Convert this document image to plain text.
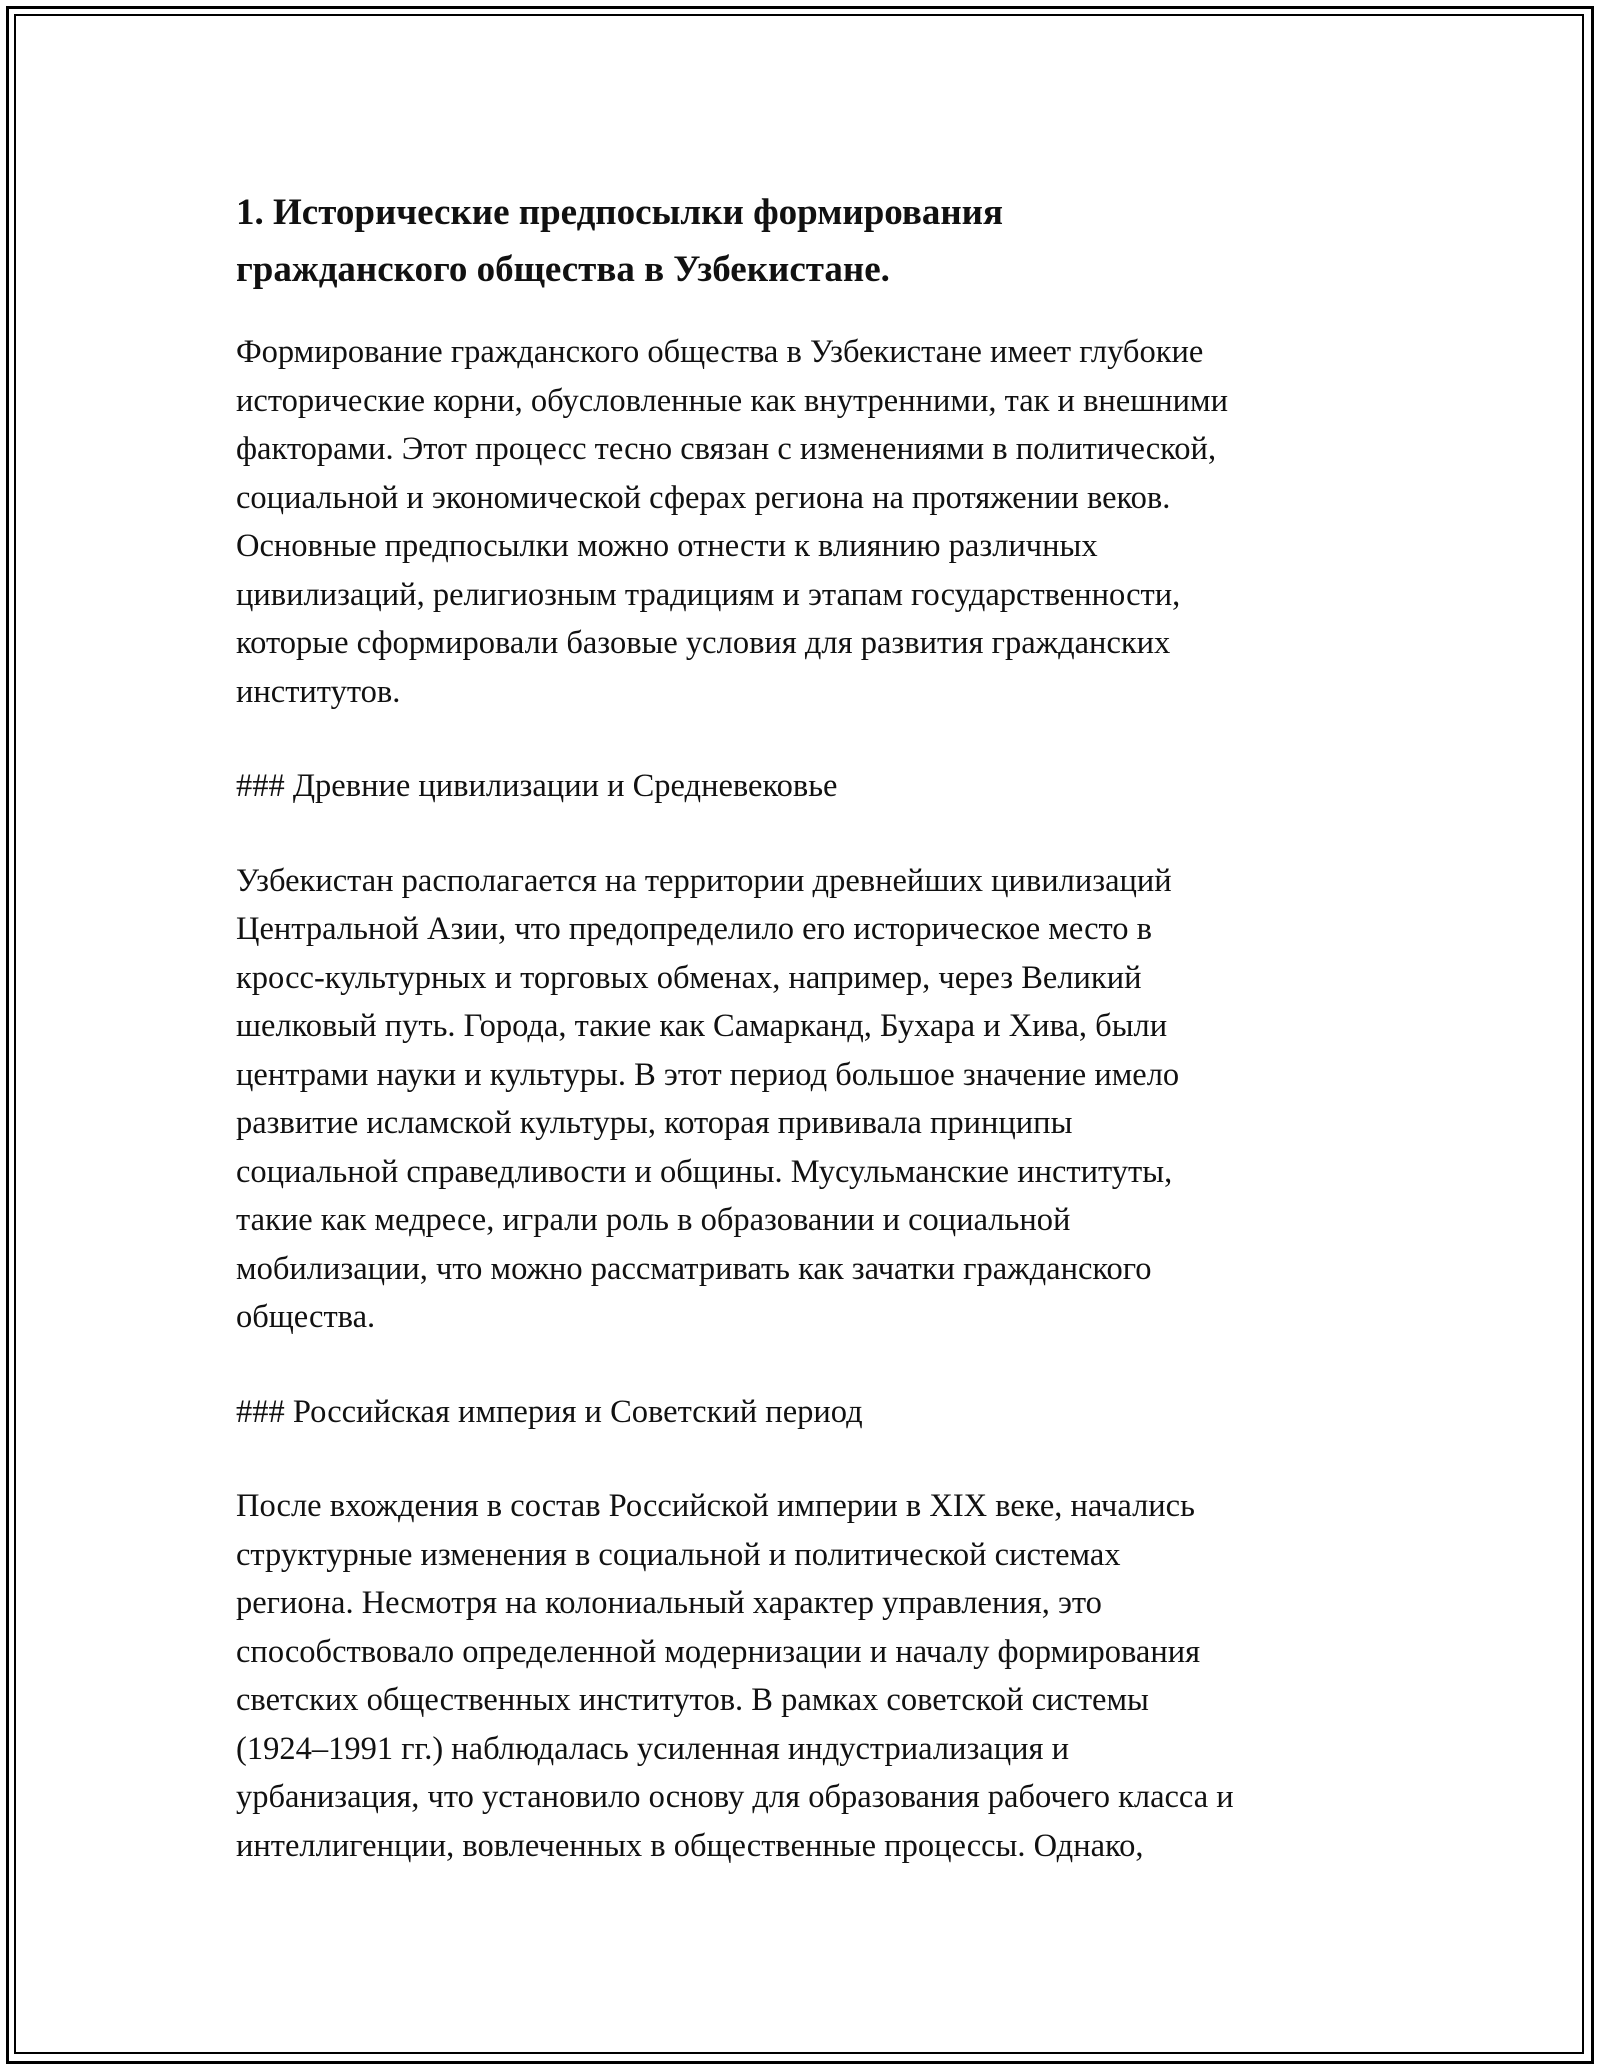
1. Исторические предпосылки формирования
гражданского общества в Узбекистане.

Формирование гражданского общества в Узбекистане имеет глубокие
исторические корни, обусловленные как внутренними, так и внешними
факторами. Этот процесс тесно связан с изменениями в политической,
социальной и экономической сферах региона на протяжении веков.
Основные предпосылки можно отнести к влиянию различных
цивилизаций, религиозным традициям и этапам государственности,
которые сформировали базовые условия для развития гражданских
институтов.

### Древние цивилизации и Средневековье

Узбекистан располагается на территории древнейших цивилизаций
Центральной Азии, что предопределило его историческое место в
кросс-культурных и торговых обменах, например, через Великий
шелковый путь. Города, такие как Самарканд, Бухара и Хива, были
центрами науки и культуры. В этот период большое значение имело
развитие исламской культуры, которая прививала принципы
социальной справедливости и общины. Мусульманские институты,
такие как медресе, играли роль в образовании и социальной
мобилизации, что можно рассматривать как зачатки гражданского
общества.

### Российская империя и Советский период

После вхождения в состав Российской империи в XIX веке, начались
структурные изменения в социальной и политической системах
региона. Несмотря на колониальный характер управления, это
способствовало определенной модернизации и началу формирования
светских общественных институтов. В рамках советской системы
(1924–1991 гг.) наблюдалась усиленная индустриализация и
урбанизация, что установило основу для образования рабочего класса и
интеллигенции, вовлеченных в общественные процессы. Однако,
